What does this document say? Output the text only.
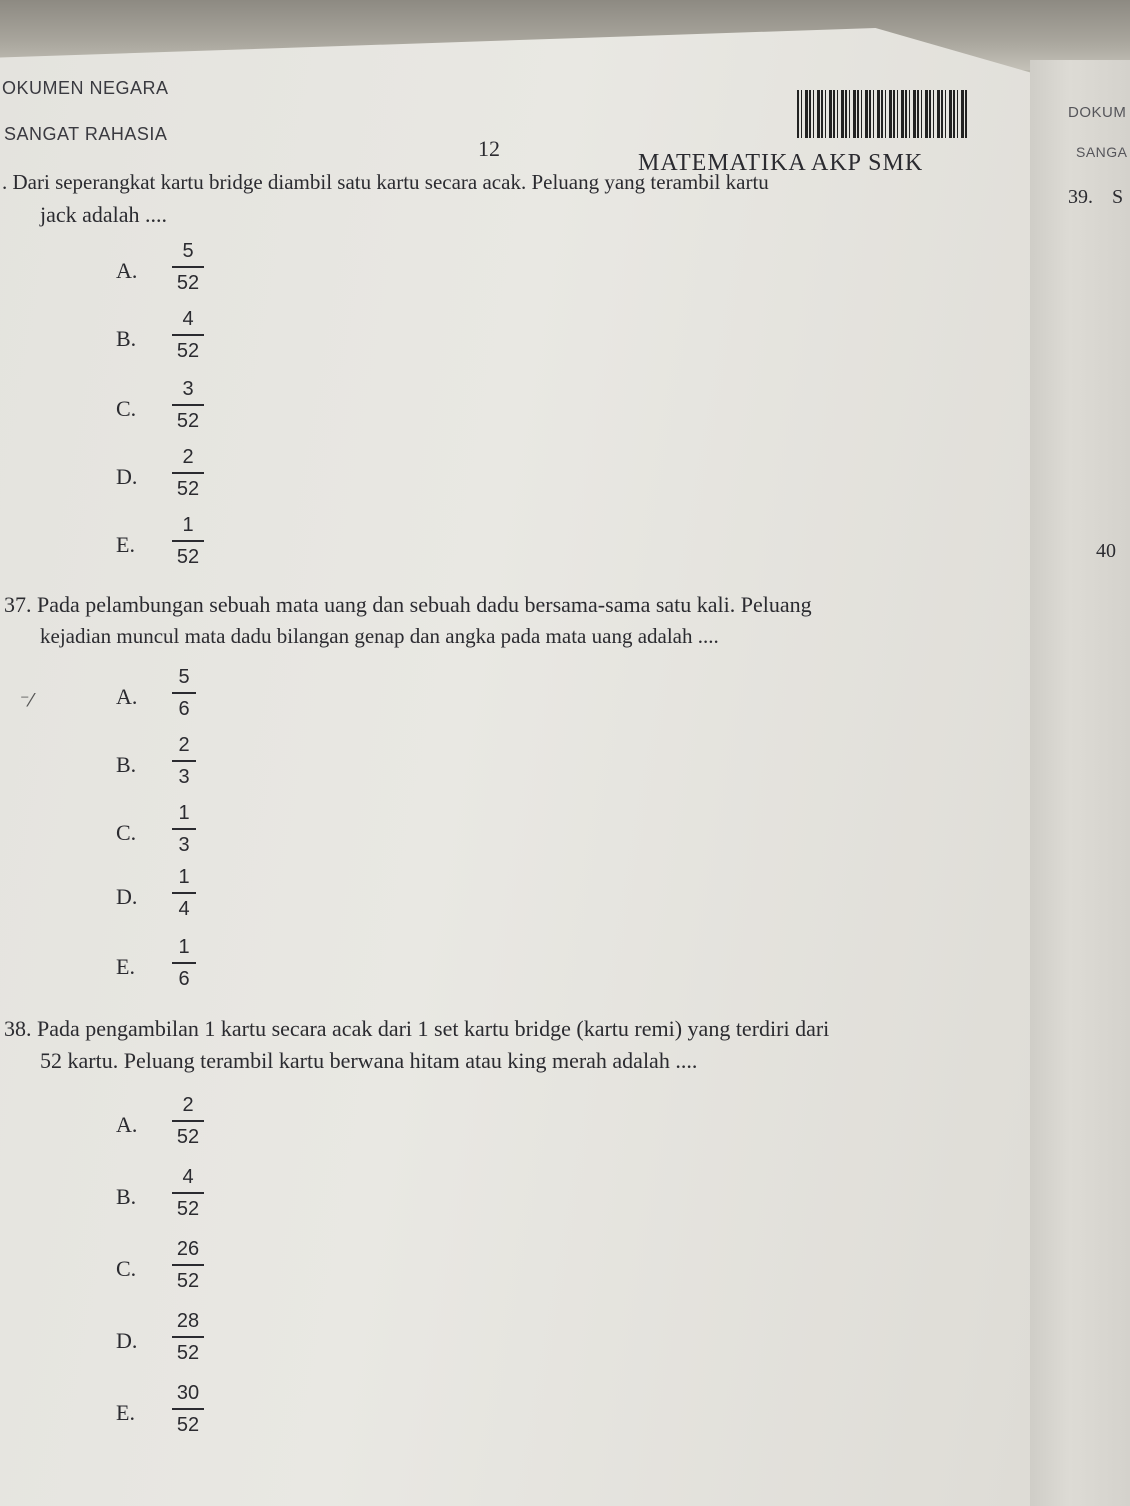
OKUMEN NEGARA
SANGAT RAHASIA
12
MATEMATIKA AKP SMK
DOKUM
SANGA
. Dari seperangkat kartu bridge diambil satu kartu secara acak. Peluang yang terambil kartu
jack adalah ....
A.
5
52
B.
4
52
C.
3
52
D.
2
52
E.
1
52
37. Pada pelambungan sebuah mata uang dan sebuah dadu bersama-sama satu kali. Peluang
kejadian muncul mata dadu bilangan genap dan angka pada mata uang adalah ....
⁻⁄	A.
5
6
B.
2
3
C.
1
3
D.
1
4
E.
1
6
38. Pada pengambilan 1 kartu secara acak dari 1 set kartu bridge (kartu remi) yang terdiri dari
52 kartu. Peluang terambil kartu berwana hitam atau king merah adalah ....
A.
2
52
B.
4
52
C.
26
52
D.
28
52
E.
30
52
39. S
40
